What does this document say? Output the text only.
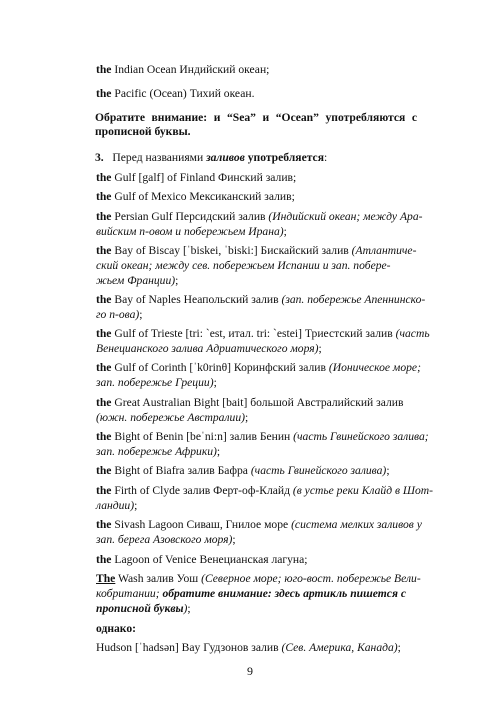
the Indian Ocean Индийский океан;
the Pacific (Ocean) Тихий океан.
Обратите внимание: и “Sea” и “Ocean” употребляются с прописной буквы.
3. Перед названиями заливов употребляется:
the Gulf [galf] of Finland Финский залив;
the Gulf of Mexico Мексиканский залив;
the Persian Gulf Персидский залив (Индийский океан; между Ара-
вийским п-овом и побережьем Ирана);
the Bay of Biscay [ˈbiskei, ˈbiski:] Бискайский залив (Атлантиче-
ский океан; между сев. побережьем Испании и зап. побере-
жьем Франции);
the Bay of Naples Неапольский залив (зап. побережье Апеннинско-
го п-ова);
the Gulf of Trieste [tri: ˋest, итал. tri: ˋestei] Триестский залив (часть
Венецианского залива Адриатического моря);
the Gulf of Corinth [ˈk0rinθ] Коринфский залив (Ионическое море;
зап. побережье Греции);
the Great Australian Bight [bait] большой Австралийский залив
(южн. побережье Австралии);
the Bight of Benin [beˈni:n] залив Бенин (часть Гвинейского залива;
зап. побережье Африки);
the Bight of Biafra залив Бафра (часть Гвинейского залива);
the Firth of Clyde залив Ферт-оф-Клайд (в устье реки Клайд в Шот-
ландии);
the Sivash Lagoon Сиваш, Гнилое море (система мелких заливов у
зап. берега Азовского моря);
the Lagoon of Venice Венецианская лагуна;
The Wash залив Уош (Северное море; юго-вост. побережье Вели-
кобритании; обратите внимание: здесь артикль пишется с
прописной буквы);
однако:
Hudson [ˈhadsən] Bay Гудзонов залив (Сев. Америка, Канада);
9
